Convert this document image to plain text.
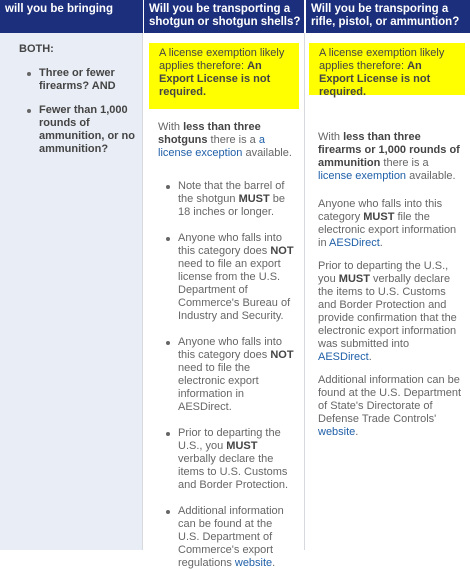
will you be bringing	Will you be transporting a shotgun or shotgun shells?
Will you be transporing a rifle, pistol, or ammuntion?
BOTH:
Three or fewer firearms? AND
Fewer than 1,000 rounds of ammunition, or no ammunition?
A license exemption likely applies therefore: An Export License is not required.

With less than three shotguns there is a a license exception available.

Note that the barrel of the shotgun MUST be 18 inches or longer.
Anyone who falls into this category does NOT need to file an export license from the U.S. Department of Commerce's Bureau of Industry and Security.
Anyone who falls into this category does NOT need to file the electronic export information in AESDirect.
Prior to departing the U.S., you MUST verbally declare the items to U.S. Customs and Border Protection.
Additional information can be found at the U.S. Department of Commerce's export regulations website.
A license exemption likely applies therefore: An Export License is not required.

With less than three firearms or 1,000 rounds of ammunition there is a license exemption available.

Anyone who falls into this category MUST file the electronic export information in AESDirect.

Prior to departing the U.S., you MUST verbally declare the items to U.S. Customs and Border Protection and provide confirmation that the electronic export information was submitted into AESDirect.

Additional information can be found at the U.S. Department of State's Directorate of Defense Trade Controls' website.
